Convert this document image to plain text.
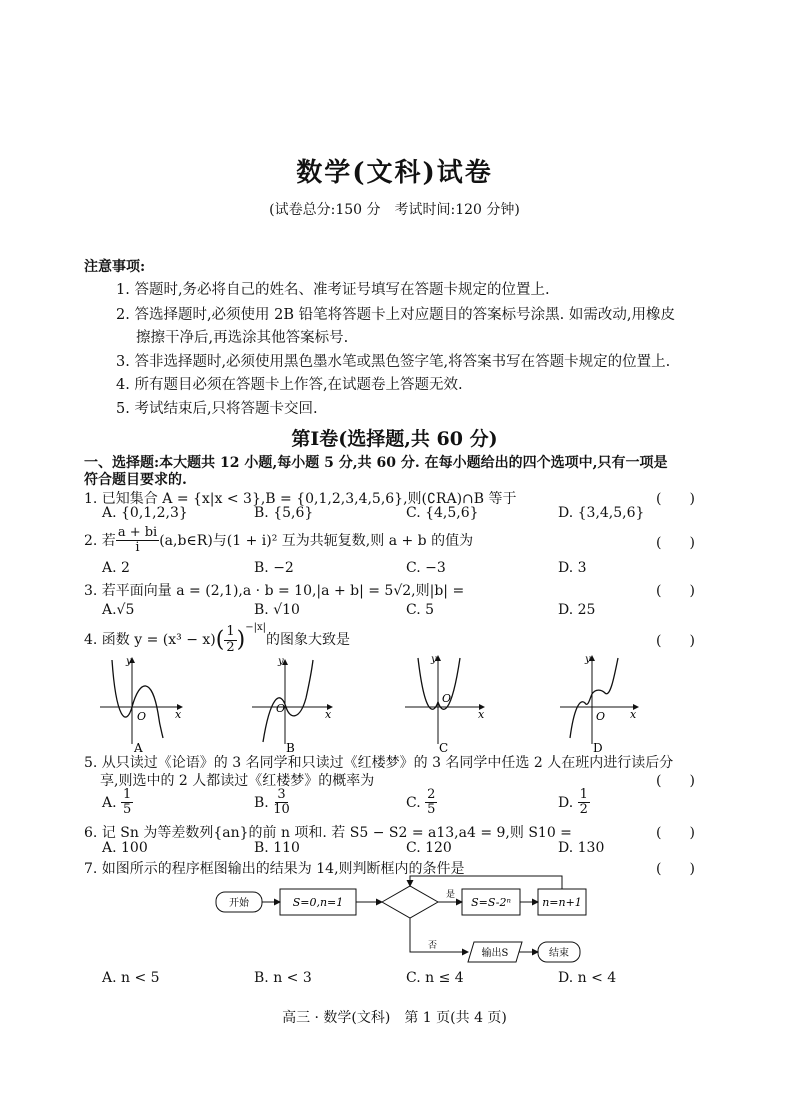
数学(文科)试卷
(试卷总分:150 分　考试时间:120 分钟)
注意事项:
1. 答题时,务必将自己的姓名、准考证号填写在答题卡规定的位置上.
2. 答选择题时,必须使用 2B 铅笔将答题卡上对应题目的答案标号涂黑. 如需改动,用橡皮
擦擦干净后,再选涂其他答案标号.
3. 答非选择题时,必须使用黑色墨水笔或黑色签字笔,将答案书写在答题卡规定的位置上.
4. 所有题目必须在答题卡上作答,在试题卷上答题无效.
5. 考试结束后,只将答题卡交回.
第Ⅰ卷(选择题,共 60 分)
一、选择题:本大题共 12 小题,每小题 5 分,共 60 分. 在每小题给出的四个选项中,只有一项是
符合题目要求的.
1. 已知集合 A = {x|x < 3},B = {0,1,2,3,4,5,6},则(∁RA)∩B 等于	(　　)
A. {0,1,2,3}	B. {5,6}	C. {4,5,6}	D. {3,4,5,6}
2. 若 $\frac{a + bi}{i}$ (a,b∈R)与(1 + i)² 互为共轭复数,则 a + b 的值为	(　　)
A. 2	B. −2	C. −3	D. 3
3. 若平面向量 a = (2,1),a · b = 10,|a + b| = 5√2,则|b| =	(　　)
A.√5	B. √10	C. 5	D. 25
4. 函数 $y = (x^3 - x)( \frac{1}{2} )^{-|x|}$的图象大致是	(　　)
y
x
O
A
y
x
O
B
y
x
O
C
y
x
O
D
5. 从只读过《论语》的 3 名同学和只读过《红楼梦》的 3 名同学中任选 2 人在班内进行读后分
享,则选中的 2 人都读过《红楼梦》的概率为	(　　)
A. $\frac{1}{5}$	B. $\frac{3}{10}$	C. $\frac{2}{5}$	D. $\frac{1}{2}$
6. 记 Sn 为等差数列{an}的前 n 项和. 若 S5 − S2 = a13,a4 = 9,则 S10 =	(　　)
A. 100	B. 110	C. 120	D. 130
7. 如图所示的程序框图输出的结果为 14,则判断框内的条件是	(　　)
开始	S=0,n=1
是
S=S-2ⁿ	n=n+1
否
输出S	结束
A. n < 5	B. n < 3	C. n ≤ 4	D. n < 4
高三 · 数学(文科)　第 1 页(共 4 页)
